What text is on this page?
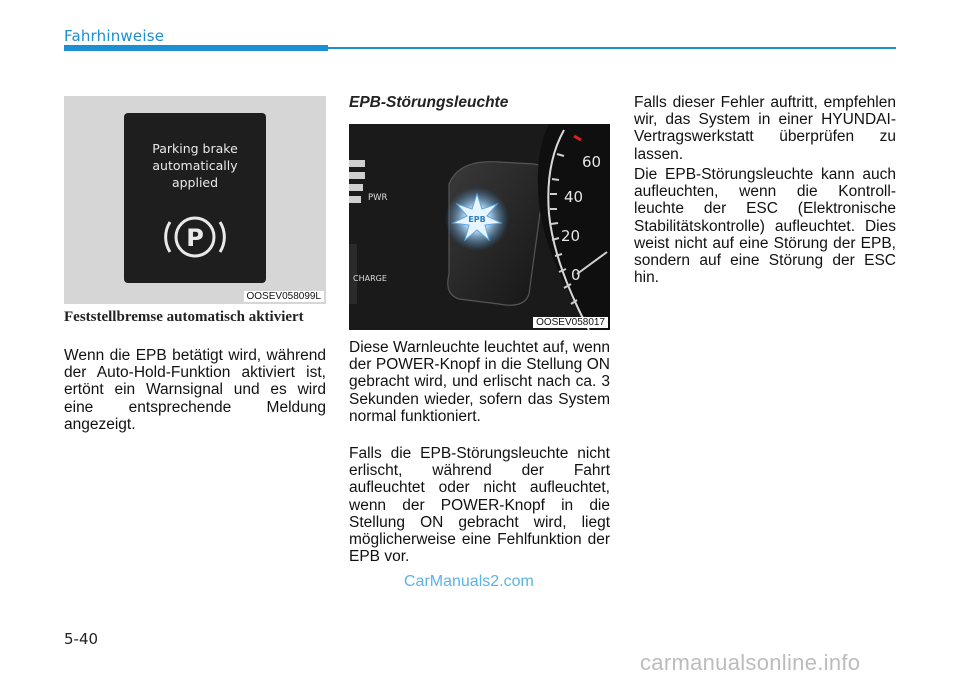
Fahrhinweise
Parking brake
automatically
applied
P
OOSEV058099L
Feststellbremse automatisch aktiviert

Wenn die EPB betätigt wird, während der Auto-Hold-Funktion aktiviert ist, ertönt ein Warnsignal und es wird eine entsprechende Meldung angezeigt.

EPB-Störungsleuchte
PWR
CHARGE
EPB
60
40
20
0
OOSEV058017

Diese Warnleuchte leuchtet auf, wenn der POWER-Knopf in die Stellung ON gebracht wird, und erlischt nach ca. 3 Sekunden wieder, sofern das System normal funktioniert.

Falls die EPB-Störungsleuchte nicht erlischt, während der Fahrt aufleuchtet oder nicht aufleuchtet, wenn der POWER-Knopf in die Stellung ON gebracht wird, liegt möglicherweise eine Fehlfunktion der EPB vor.

Falls dieser Fehler auftritt, empfehlen wir, das System in einer HYUNDAI-Vertragswerkstatt überprüfen zu lassen.

Die EPB-Störungsleuchte kann auch aufleuchten, wenn die Kontroll-leuchte der ESC (Elektronische Stabilitätskontrolle) aufleuchtet. Dies weist nicht auf eine Störung der EPB, sondern auf eine Störung der ESC hin.

CarManuals2.com
5-40
carmanualsonline.info
